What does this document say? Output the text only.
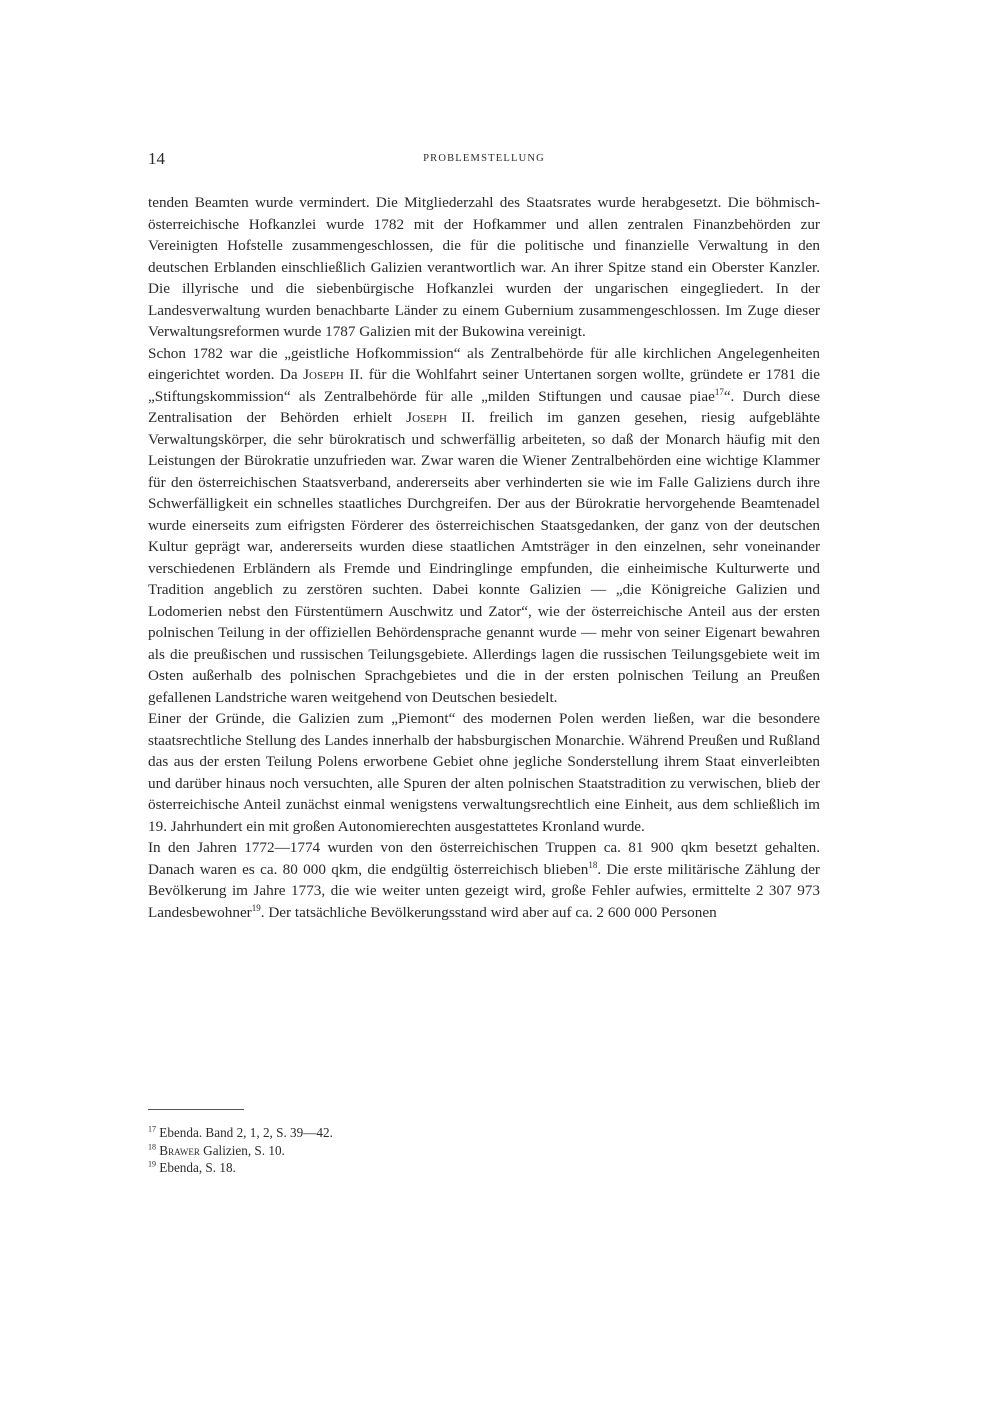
14	PROBLEMSTELLUNG

tenden Beamten wurde vermindert. Die Mitgliederzahl des Staatsrates wurde herabgesetzt. Die böhmisch-österreichische Hofkanzlei wurde 1782 mit der Hofkammer und allen zentralen Finanzbehörden zur Vereinigten Hofstelle zusammengeschlossen, die für die politische und finanzielle Verwaltung in den deutschen Erblanden einschließlich Galizien verantwortlich war. An ihrer Spitze stand ein Oberster Kanzler. Die illyrische und die siebenbürgische Hofkanzlei wurden der ungarischen eingegliedert. In der Landesverwaltung wurden benachbarte Länder zu einem Gubernium zusammengeschlossen. Im Zuge dieser Verwaltungsreformen wurde 1787 Galizien mit der Bukowina vereinigt.

Schon 1782 war die „geistliche Hofkommission“ als Zentralbehörde für alle kirchlichen Angelegenheiten eingerichtet worden. Da Joseph II. für die Wohlfahrt seiner Untertanen sorgen wollte, gründete er 1781 die „Stiftungskommission“ als Zentralbehörde für alle „milden Stiftungen und causae piae$^{17}$“. Durch diese Zentralisation der Behörden erhielt Joseph II. freilich im ganzen gesehen, riesig aufgeblähte Verwaltungskörper, die sehr bürokratisch und schwerfällig arbeiteten, so daß der Monarch häufig mit den Leistungen der Bürokratie unzufrieden war. Zwar waren die Wiener Zentralbehörden eine wichtige Klammer für den österreichischen Staatsverband, andererseits aber verhinderten sie wie im Falle Galiziens durch ihre Schwerfälligkeit ein schnelles staatliches Durchgreifen. Der aus der Bürokratie hervorgehende Beamtenadel wurde einerseits zum eifrigsten Förderer des österreichischen Staatsgedanken, der ganz von der deutschen Kultur geprägt war, andererseits wurden diese staatlichen Amtsträger in den einzelnen, sehr voneinander verschiedenen Erbländern als Fremde und Eindringlinge empfunden, die einheimische Kulturwerte und Tradition angeblich zu zerstören suchten. Dabei konnte Galizien — „die Königreiche Galizien und Lodomerien nebst den Fürstentümern Auschwitz und Zator“, wie der österreichische Anteil aus der ersten polnischen Teilung in der offiziellen Behördensprache genannt wurde — mehr von seiner Eigenart bewahren als die preußischen und russischen Teilungsgebiete. Allerdings lagen die russischen Teilungsgebiete weit im Osten außerhalb des polnischen Sprachgebietes und die in der ersten polnischen Teilung an Preußen gefallenen Landstriche waren weitgehend von Deutschen besiedelt.

Einer der Gründe, die Galizien zum „Piemont“ des modernen Polen werden ließen, war die besondere staatsrechtliche Stellung des Landes innerhalb der habsburgischen Monarchie. Während Preußen und Rußland das aus der ersten Teilung Polens erworbene Gebiet ohne jegliche Sonderstellung ihrem Staat einverleibten und darüber hinaus noch versuchten, alle Spuren der alten polnischen Staatstradition zu verwischen, blieb der österreichische Anteil zunächst einmal wenigstens verwaltungsrechtlich eine Einheit, aus dem schließlich im 19. Jahrhundert ein mit großen Autonomierechten ausgestattetes Kronland wurde.

In den Jahren 1772—1774 wurden von den österreichischen Truppen ca. 81 900 qkm besetzt gehalten. Danach waren es ca. 80 000 qkm, die endgültig österreichisch blieben$^{18}$. Die erste militärische Zählung der Bevölkerung im Jahre 1773, die wie weiter unten gezeigt wird, große Fehler aufwies, ermittelte 2 307 973 Landesbewohner$^{19}$. Der tatsächliche Bevölkerungsstand wird aber auf ca. 2 600 000 Personen

$^{17}$ Ebenda. Band 2, 1, 2, S. 39—42.

$^{18}$ Brawer Galizien, S. 10.

$^{19}$ Ebenda, S. 18.
